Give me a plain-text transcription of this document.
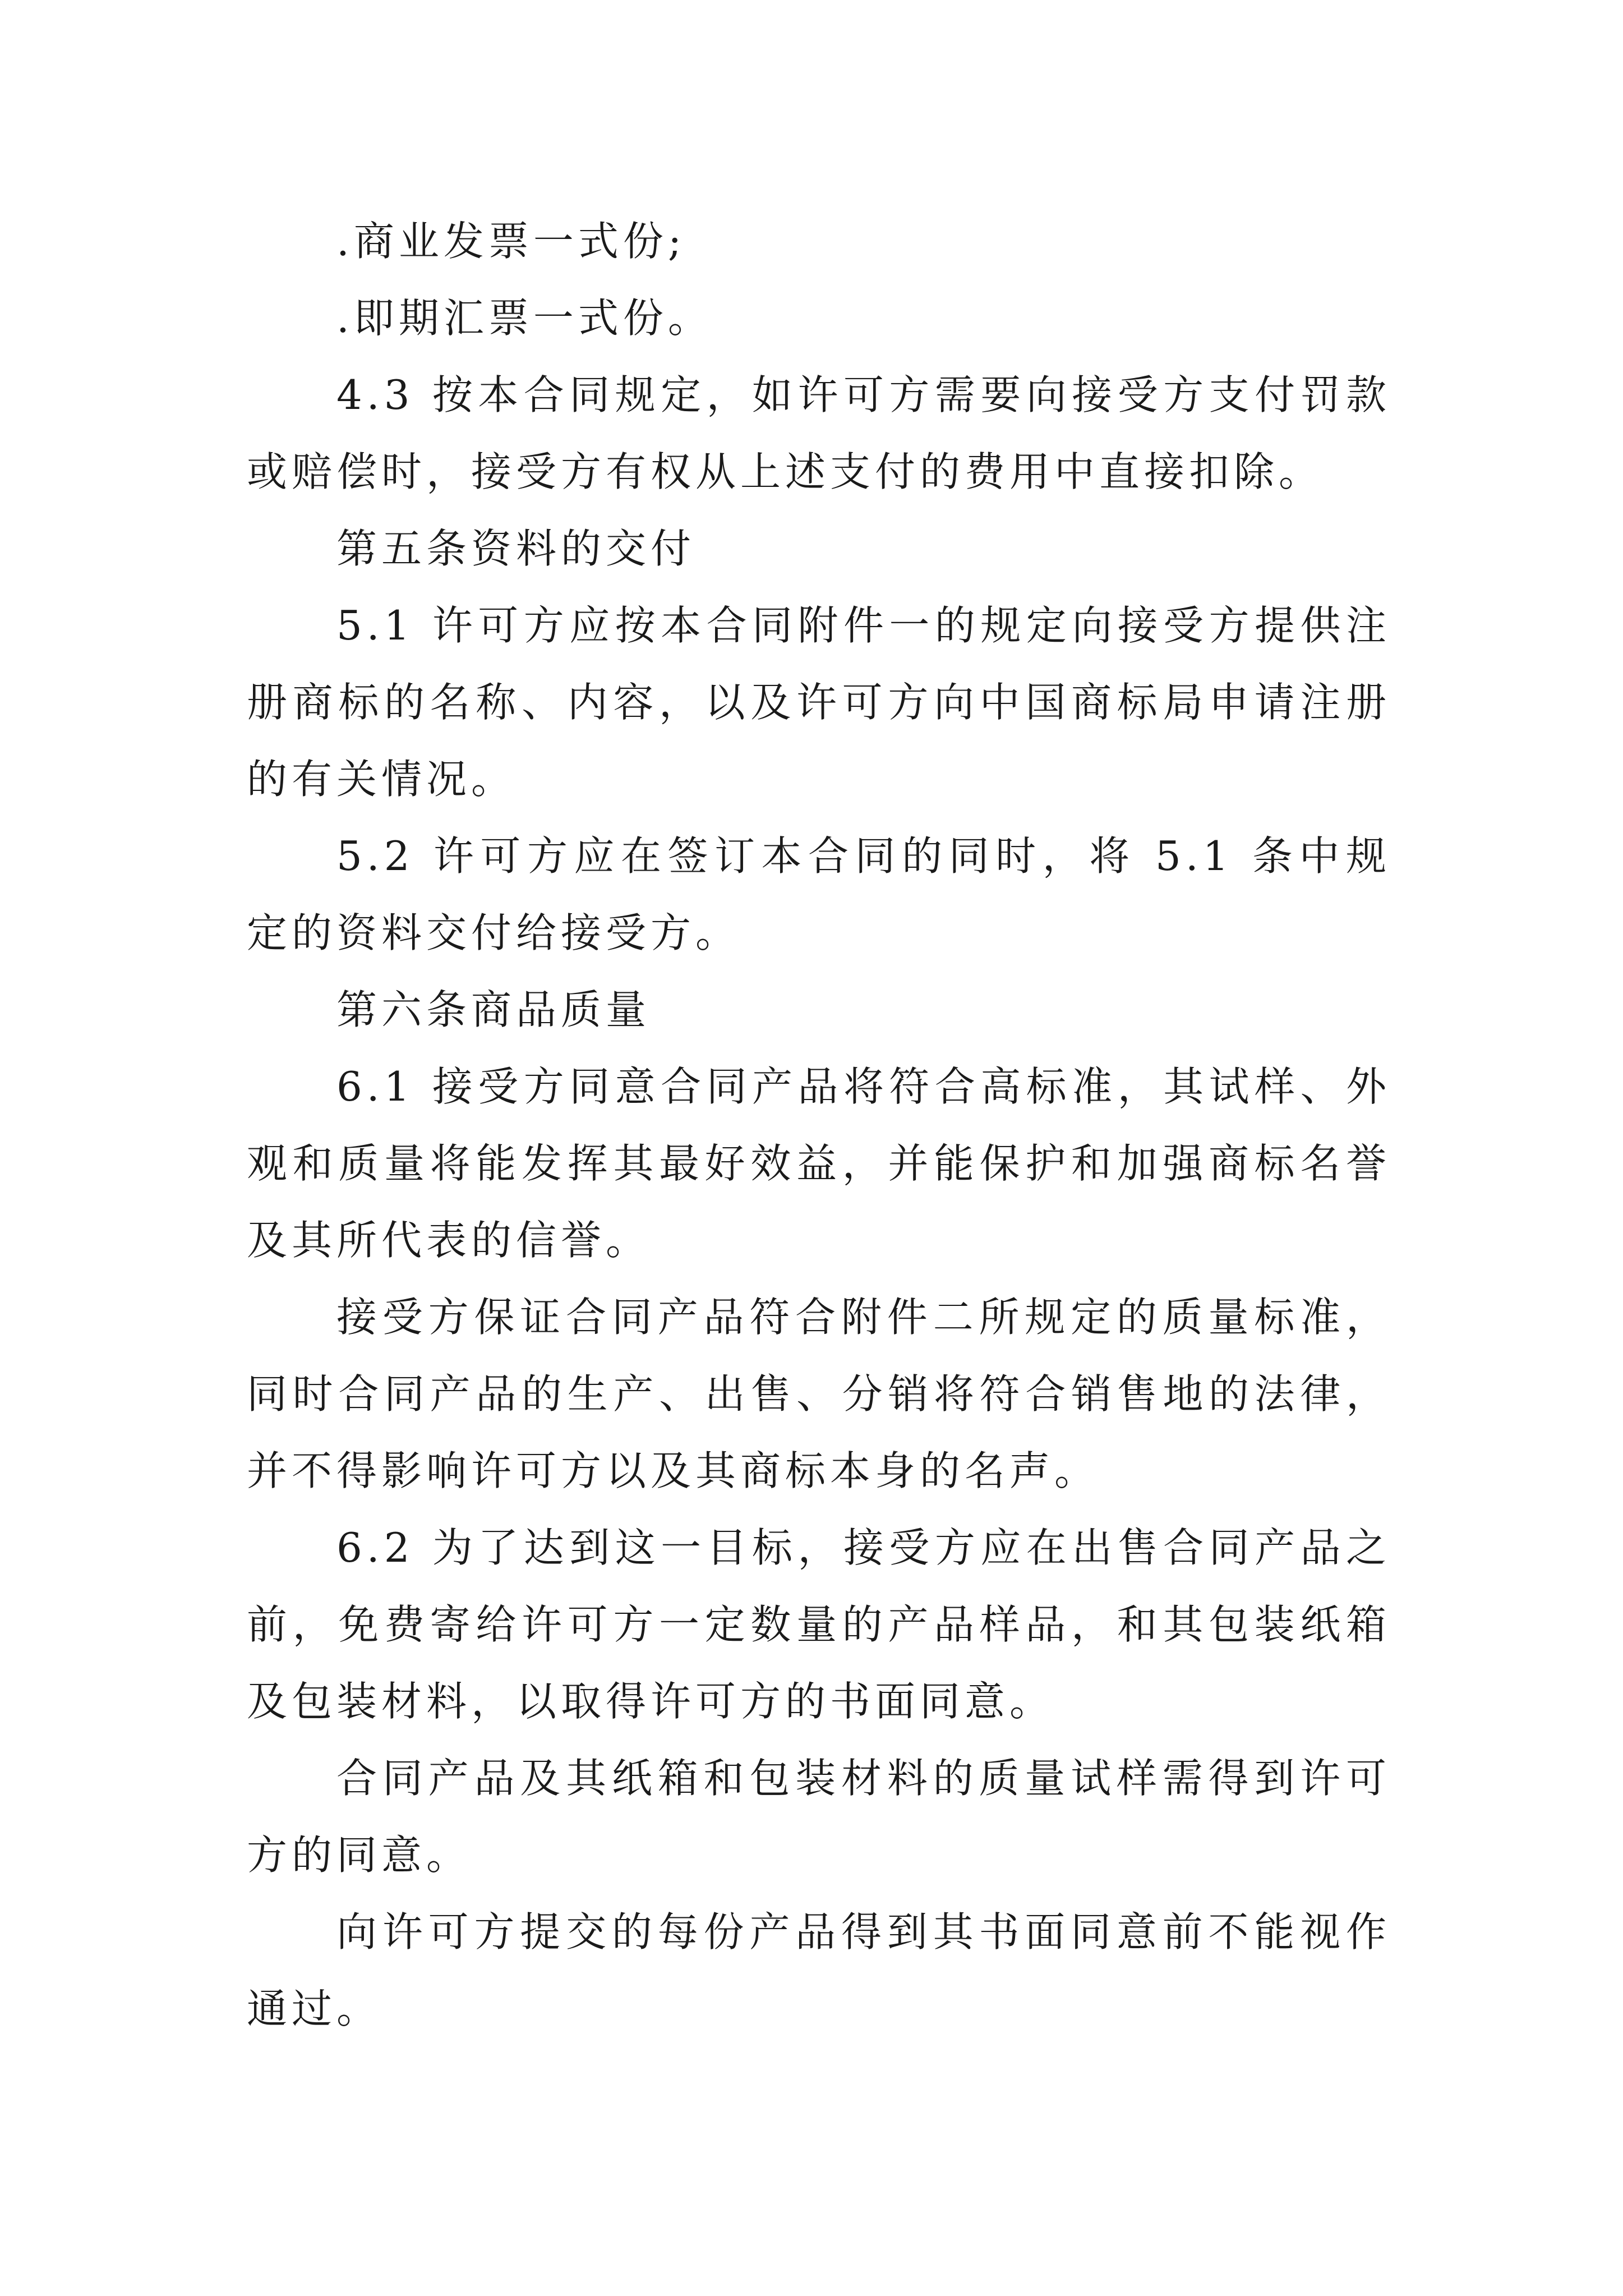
.商业发票一式份;

.即期汇票一式份。

4.3 按本合同规定，如许可方需要向接受方支付罚款或赔偿时，接受方有权从上述支付的费用中直接扣除。

第五条资料的交付

5.1 许可方应按本合同附件一的规定向接受方提供注册商标的名称、内容，以及许可方向中国商标局申请注册的有关情况。

5.2 许可方应在签订本合同的同时，将 5.1 条中规定的资料交付给接受方。

第六条商品质量

6.1 接受方同意合同产品将符合高标准，其试样、外观和质量将能发挥其最好效益，并能保护和加强商标名誉及其所代表的信誉。

接受方保证合同产品符合附件二所规定的质量标准，同时合同产品的生产、出售、分销将符合销售地的法律，并不得影响许可方以及其商标本身的名声。

6.2 为了达到这一目标，接受方应在出售合同产品之前，免费寄给许可方一定数量的产品样品，和其包装纸箱及包装材料，以取得许可方的书面同意。

合同产品及其纸箱和包装材料的质量试样需得到许可方的同意。

向许可方提交的每份产品得到其书面同意前不能视作通过。
